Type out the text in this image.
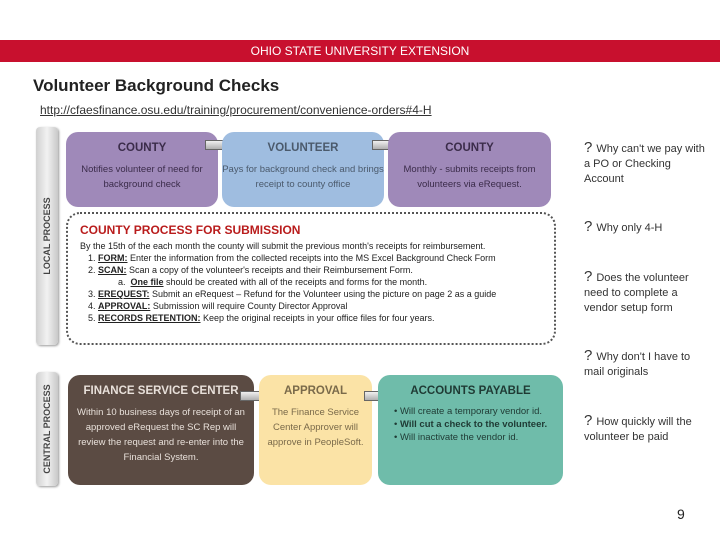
OHIO STATE UNIVERSITY EXTENSION
Volunteer Background Checks
http://cfaesfinance.osu.edu/training/procurement/convenience-orders#4-H
LOCAL PROCESS
COUNTY
Notifies volunteer of need for background check
VOLUNTEER
Pays for background check and brings receipt to county office
COUNTY
Monthly - submits receipts from volunteers via eRequest.
COUNTY PROCESS FOR SUBMISSION
By the 15th of the each month the county will submit the previous month's receipts for reimbursement.
1. FORM: Enter the information from the collected receipts into the MS Excel Background Check Form
2. SCAN: Scan a copy of the volunteer's receipts and their Reimbursement Form.
a.  One file should be created with all of the receipts and forms for the month.
3. EREQUEST: Submit an eRequest – Refund for the Volunteer using the picture on page 2 as a guide
4. APPROVAL: Submission will require County Director Approval
5. RECORDS RETENTION: Keep the original receipts in your office files for four years.
CENTRAL PROCESS	FINANCE SERVICE CENTER
Within 10 business days of receipt of an approved eRequest the SC Rep will review the request and re-enter into the Financial System.
APPROVAL
The Finance Service Center Approver will approve in PeopleSoft.
ACCOUNTS PAYABLE
• Will create a temporary vendor id.
• Will cut a check to the volunteer.
• Will inactivate the vendor id.
? Why can't we pay with a PO or Checking Account
? Why only 4-H
? Does the volunteer need to complete a vendor setup form
? Why don't I have to mail originals
? How quickly will the volunteer be paid
9
